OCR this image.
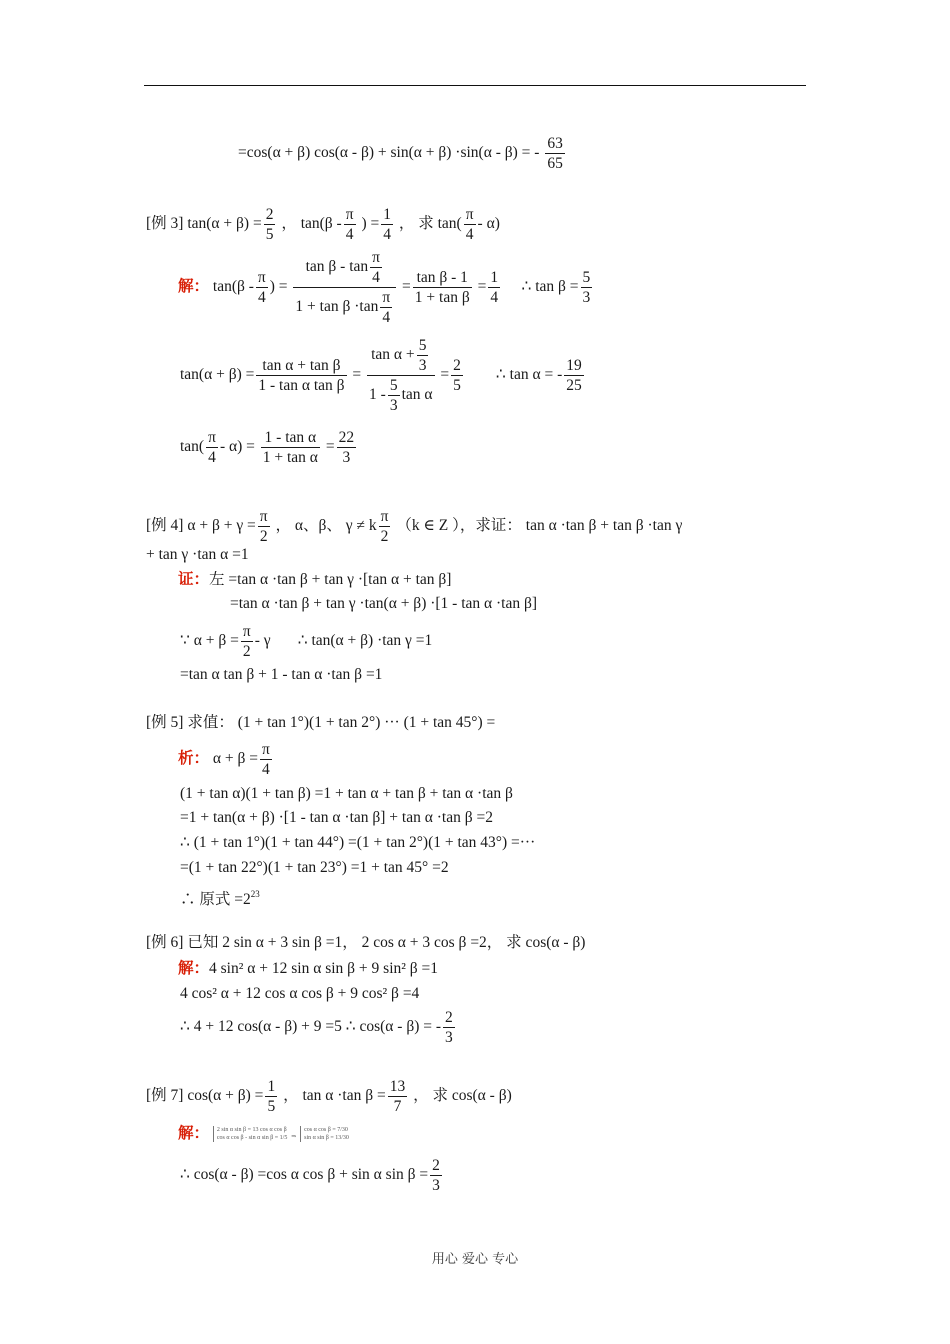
=cos(α + β) cos(α - β) + sin(α + β) ·sin(α - β) = - $\frac{63}{65}$
[例 3] $\tan(\alpha + \beta) = \frac{2}{5}$ ， $\tan(\beta - \frac{\pi}{4}$ ) = $\frac{1}{4}$ ， 求 $\tan( \frac{\pi}{4} - \alpha)$
解： $\tan(\beta - \frac{\pi}{4}$ ) = $\frac{\tan \beta - \tan \frac{\pi}{4}}{1 + \tan \beta \cdot\tan \frac{\pi}{4}} = \frac{\text{tan β - 1}}{\text{1 + tan β}} = \frac{1}{4}$ ∴ $\tan \beta = \frac{5}{3}$
$\tan(\alpha + \beta) = \frac{\text{tan α + tan β}}{\text{1 - tan α tan β}} = \frac{\tan \alpha + \frac{5}{3}}{1 - \frac{5}{3} \tan \alpha} = \frac{2}{5}$ ∴ tan α = - $\frac{19}{25}$
$\tan( \frac{\pi}{4} - \alpha) = \frac{\text{1 - tan α}}{\text{1 + tan α}} = \frac{22}{3}$
[例 4] $\alpha + \beta + \gamma = \frac{\pi}{2}$ ， α、β、 γ ≠ k $\frac{\pi}{2} (k$ ∈ Z ），求证： tan α ·tan β + tan β ·tan γ
+ tan γ ·tan α =1
证：左 =tan α ·tan β + tan γ ·[tan α + tan β]
=tan α ·tan β + tan γ ·tan(α + β) ·[1 - tan α ·tan β]
∵ $\alpha + \beta = \frac{\pi}{2} - \gamma$ ∴ tan(α + β) ·tan γ =1
=tan α tan β + 1 - tan α ·tan β =1
[例 5] 求值： (1 + tan 1°)(1 + tan 2°) ··· (1 + tan 45°) =
析： $\alpha + \beta = \frac{\pi}{4}$
(1 + tan α)(1 + tan β) =1 + tan α + tan β + tan α ·tan β
=1 + tan(α + β) ·[1 - tan α ·tan β] + tan α ·tan β =2
∴ (1 + tan 1°)(1 + tan 44°) =(1 + tan 2°)(1 + tan 43°) =···
=(1 + tan 22°)(1 + tan 23°) =1 + tan 45° =2
∴ 原式 $=2^{23}$
[例 6] 已知 2 sin α + 3 sin β =1， 2 cos α + 3 cos β =2， 求 cos(α - β)
解：4 sin² α + 12 sin α sin β + 9 sin² β =1
4 cos² α + 12 cos α cos β + 9 cos² β =4
∴ 4 + 12 cos(α - β) + 9 =5 ∴ cos(α - β) = - $\frac{2}{3}$
[例 7] $\cos(\alpha + \beta) = \frac{1}{5}$ ， tan α ·tan $\beta = \frac{13}{7}$ ， 求 cos(α - β)
解： 2 sin α sin β = 13 cos α cos β
cos α cos β - sin α sin β = 1/5 ⇒
cos α cos β = 7/30
sin α sin β = 13/30
∴ cos(α - β) =cos α cos β + sin α $\sin \beta = \frac{2}{3}$
用心 爱心 专心
